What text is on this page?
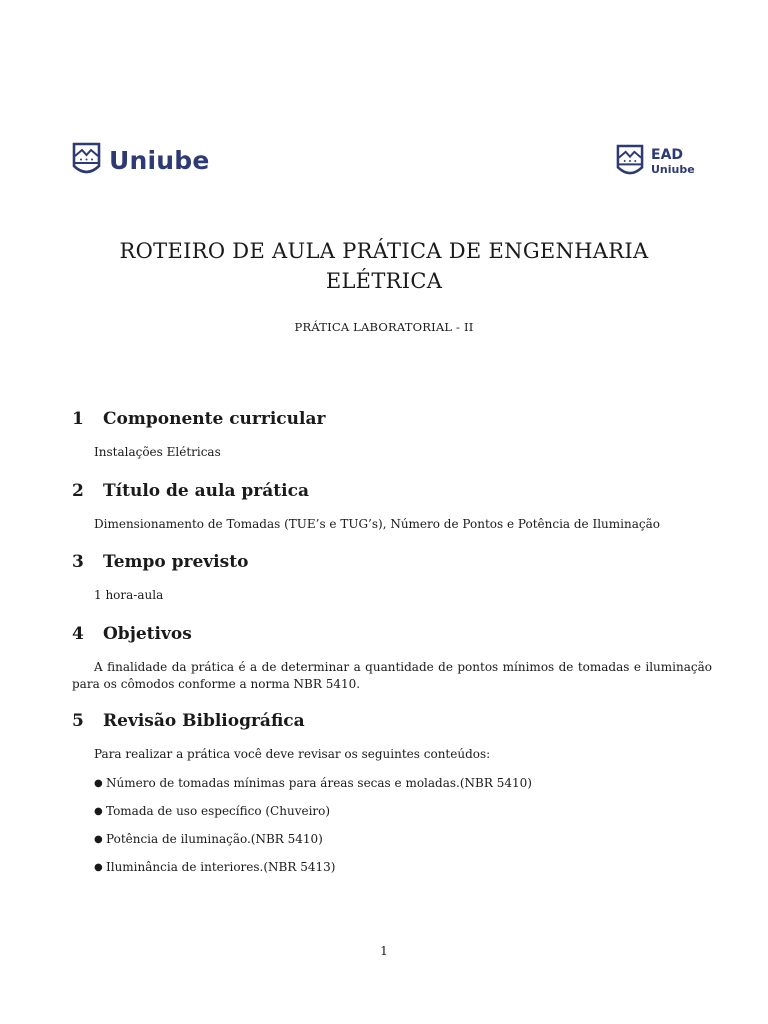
Uniube	EAD
Uniube
ROTEIRO DE AULA PRÁTICA DE ENGENHARIA ELÉTRICA
PRÁTICA LABORATORIAL - II
1	Componente curricular

Instalações Elétricas

2	Título de aula prática

Dimensionamento de Tomadas (TUE’s e TUG’s), Número de Pontos e Potência de Iluminação

3	Tempo previsto

1 hora-aula

4	Objetivos

A finalidade da prática é a de determinar a quantidade de pontos mínimos de tomadas e iluminação para os cômodos conforme a norma NBR 5410.

5	Revisão Bibliográfica

Para realizar a prática você deve revisar os seguintes conteúdos:

● Número de tomadas mínimas para áreas secas e moladas.(NBR 5410)
● Tomada de uso específico (Chuveiro)
● Potência de iluminação.(NBR 5410)
● Iluminância de interiores.(NBR 5413)
1
